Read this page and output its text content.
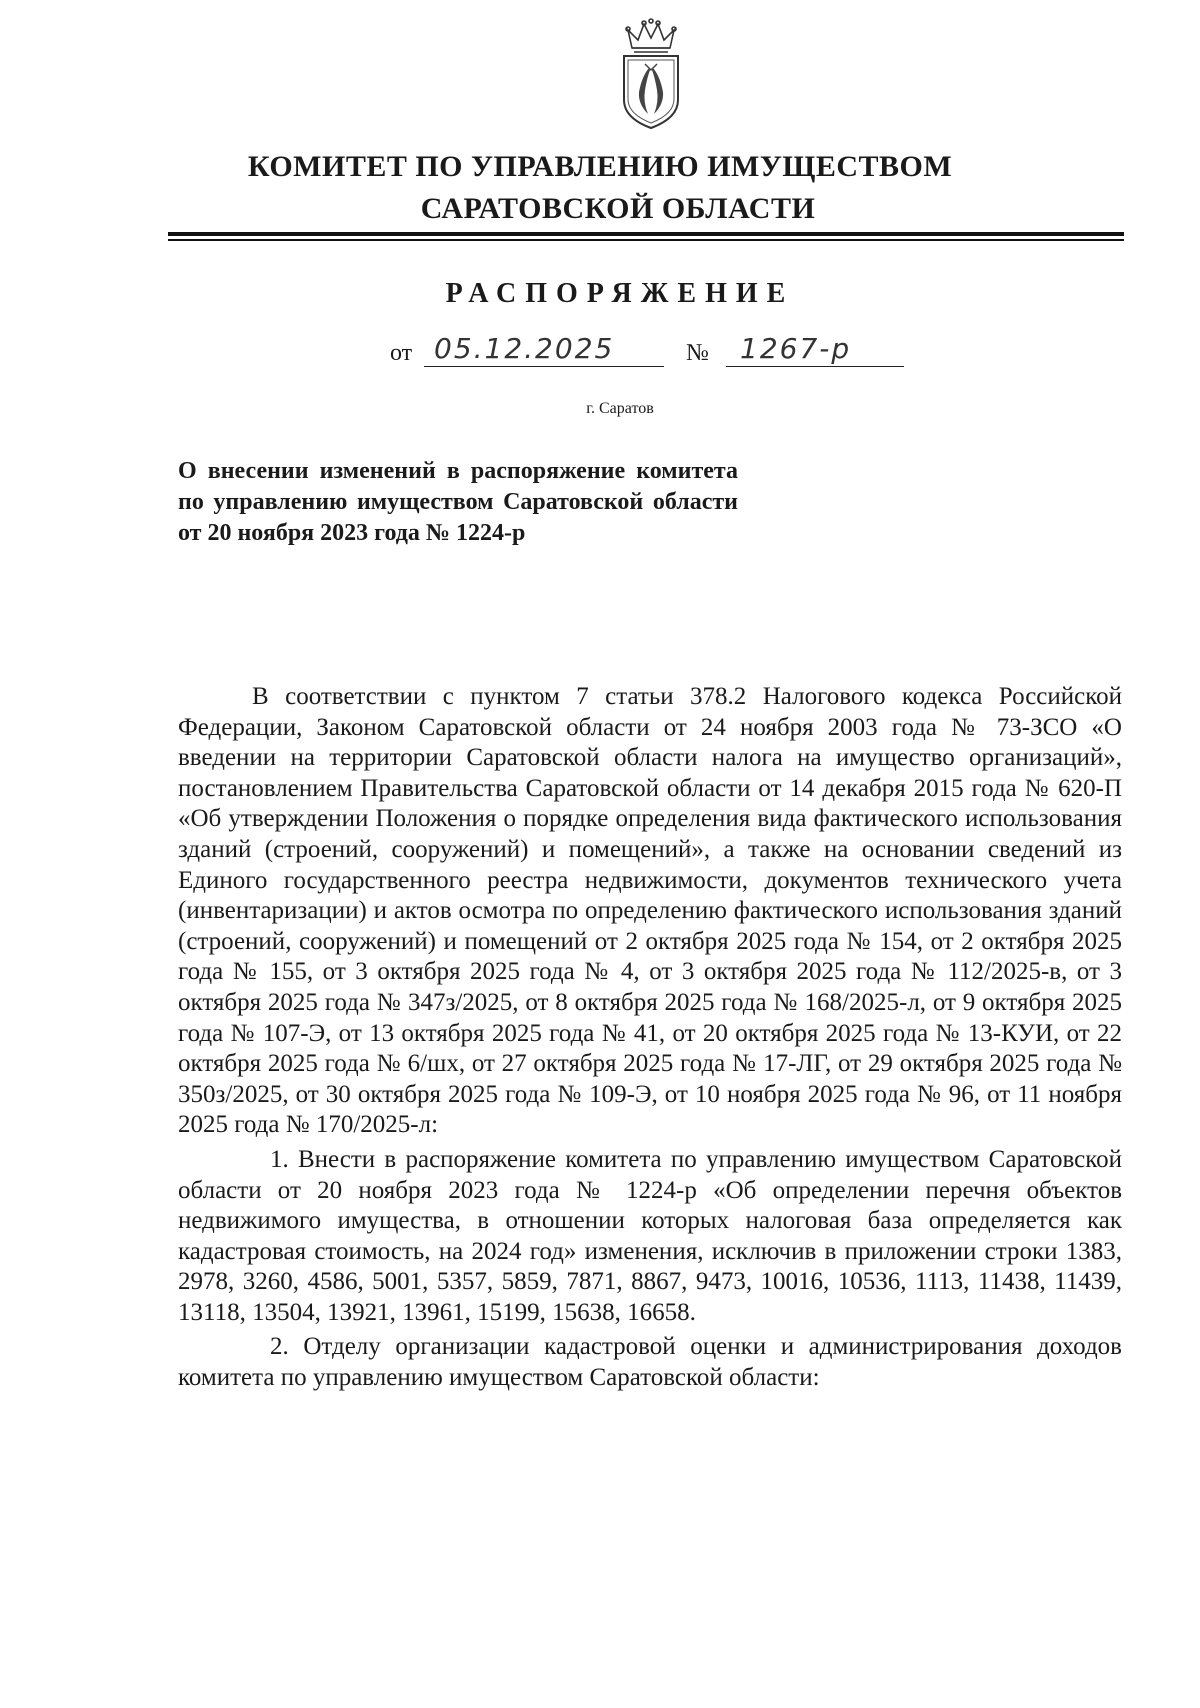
КОМИТЕТ ПО УПРАВЛЕНИЮ ИМУЩЕСТВОМ
САРАТОВСКОЙ ОБЛАСТИ
РАСПОРЯЖЕНИЕ
от 05.12.2025	№ 1267-р
г. Саратов
О внесении изменений в распоряжение комитета по управлению имуществом Саратовской области от 20 ноября 2023 года № 1224-р

В соответствии с пунктом 7 статьи 378.2 Налогового кодекса Российской Федерации, Законом Саратовской области от 24 ноября 2003 года № 73-ЗСО «О введении на территории Саратовской области налога на имущество организаций», постановлением Правительства Саратовской области от 14 декабря 2015 года № 620-П «Об утверждении Положения о порядке определения вида фактического использования зданий (строений, сооружений) и помещений», а также на основании сведений из Единого государственного реестра недвижимости, документов технического учета (инвентаризации) и актов осмотра по определению фактического использования зданий (строений, сооружений) и помещений от 2 октября 2025 года № 154, от 2 октября 2025 года № 155, от 3 октября 2025 года № 4, от 3 октября 2025 года № 112/2025-в, от 3 октября 2025 года № 347з/2025, от 8 октября 2025 года № 168/2025-л, от 9 октября 2025 года № 107-Э, от 13 октября 2025 года № 41, от 20 октября 2025 года № 13-КУИ, от 22 октября 2025 года № 6/шх, от 27 октября 2025 года № 17-ЛГ, от 29 октября 2025 года № 350з/2025, от 30 октября 2025 года № 109-Э, от 10 ноября 2025 года № 96, от 11 ноября 2025 года № 170/2025-л:

1. Внести в распоряжение комитета по управлению имуществом Саратовской области от 20 ноября 2023 года № 1224-р «Об определении перечня объектов недвижимого имущества, в отношении которых налоговая база определяется как кадастровая стоимость, на 2024 год» изменения, исключив в приложении строки 1383, 2978, 3260, 4586, 5001, 5357, 5859, 7871, 8867, 9473, 10016, 10536, 1113, 11438, 11439, 13118, 13504, 13921, 13961, 15199, 15638, 16658.

2. Отделу организации кадастровой оценки и администрирования доходов комитета по управлению имуществом Саратовской области:
